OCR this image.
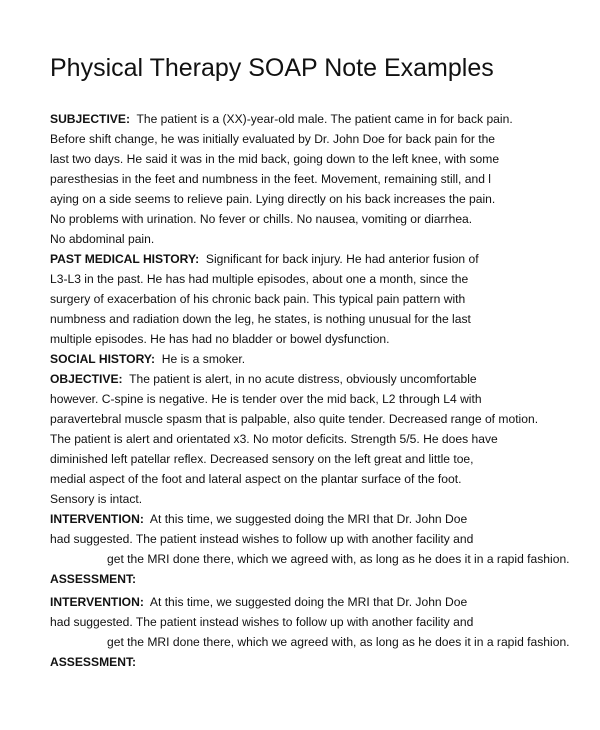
Physical Therapy SOAP Note Examples
SUBJECTIVE:  The patient is a (XX)-year-old male. The patient came in for back pain.
Before shift change, he was initially evaluated by Dr. John Doe for back pain for the
last two days. He said it was in the mid back, going down to the left knee, with some
paresthesias in the feet and numbness in the feet. Movement, remaining still, and l
aying on a side seems to relieve pain. Lying directly on his back increases the pain.
No problems with urination. No fever or chills. No nausea, vomiting or diarrhea.
No abdominal pain.
PAST MEDICAL HISTORY:  Significant for back injury. He had anterior fusion of
L3-L3 in the past. He has had multiple episodes, about one a month, since the
surgery of exacerbation of his chronic back pain. This typical pain pattern with
numbness and radiation down the leg, he states, is nothing unusual for the last
multiple episodes. He has had no bladder or bowel dysfunction.
SOCIAL HISTORY:  He is a smoker.
OBJECTIVE:  The patient is alert, in no acute distress, obviously uncomfortable
however. C-spine is negative. He is tender over the mid back, L2 through L4 with
paravertebral muscle spasm that is palpable, also quite tender. Decreased range of motion.
The patient is alert and orientated x3. No motor deficits. Strength 5/5. He does have
diminished left patellar reflex. Decreased sensory on the left great and little toe,
medial aspect of the foot and lateral aspect on the plantar surface of the foot.
Sensory is intact.
INTERVENTION:  At this time, we suggested doing the MRI that Dr. John Doe
had suggested. The patient instead wishes to follow up with another facility and
get the MRI done there, which we agreed with, as long as he does it in a rapid fashion.
ASSESSMENT:
INTERVENTION:  At this time, we suggested doing the MRI that Dr. John Doe
had suggested. The patient instead wishes to follow up with another facility and
get the MRI done there, which we agreed with, as long as he does it in a rapid fashion.
ASSESSMENT:
